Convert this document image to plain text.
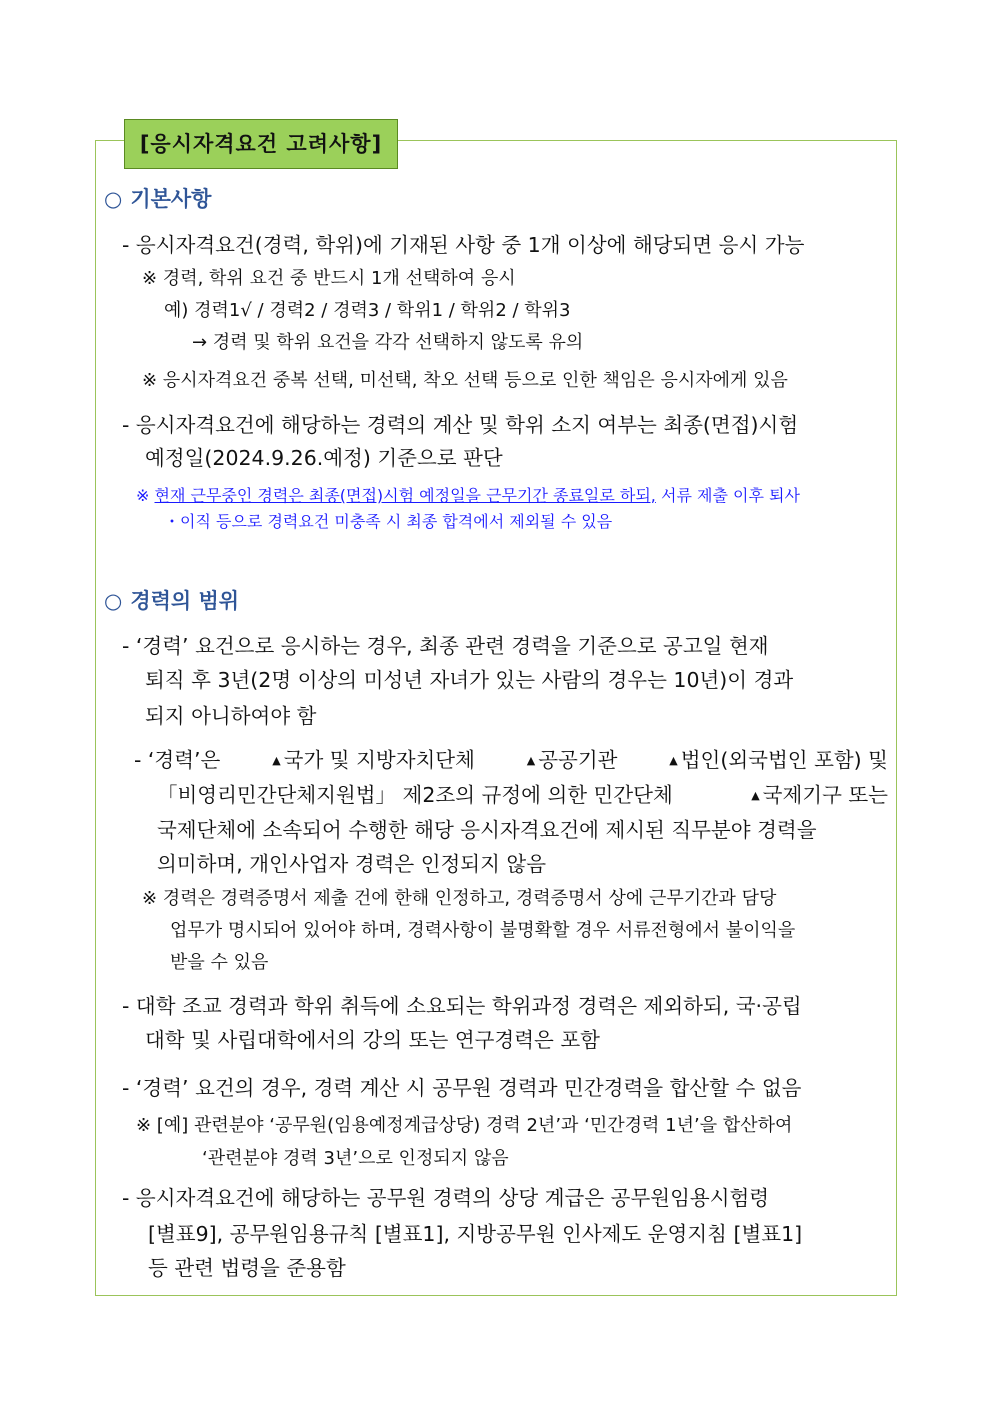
[응시자격요건 고려사항]
○ 기본사항
- 응시자격요건(경력, 학위)에 기재된 사항 중 1개 이상에 해당되면 응시 가능
※ 경력, 학위 요건 중 반드시 1개 선택하여 응시
예) 경력1√ / 경력2 / 경력3 / 학위1 / 학위2 / 학위3
→ 경력 및 학위 요건을 각각 선택하지 않도록 유의
※ 응시자격요건 중복 선택, 미선택, 착오 선택 등으로 인한 책임은 응시자에게 있음
- 응시자격요건에 해당하는 경력의 계산 및 학위 소지 여부는 최종(면접)시험
예정일(2024.9.26.예정) 기준으로 판단
※ 현재 근무중인 경력은 최종(면접)시험 예정일을 근무기간 종료일로 하되, 서류 제출 이후 퇴사
・이직 등으로 경력요건 미충족 시 최종 합격에서 제외될 수 있음
○ 경력의 범위
- ‘경력’ 요건으로 응시하는 경우, 최종 관련 경력을 기준으로 공고일 현재
퇴직 후 3년(2명 이상의 미성년 자녀가 있는 사람의 경우는 10년)이 경과
되지 아니하여야 함
- ‘경력’은	▲ 국가 및 지방자치단체	▲ 공공기관	▲ 법인(외국법인 포함) 및
「비영리민간단체지원법」 제2조의 규정에 의한 민간단체	▲ 국제기구 또는
국제단체에 소속되어 수행한 해당 응시자격요건에 제시된 직무분야 경력을
의미하며, 개인사업자 경력은 인정되지 않음
※ 경력은 경력증명서 제출 건에 한해 인정하고, 경력증명서 상에 근무기간과 담당
업무가 명시되어 있어야 하며, 경력사항이 불명확할 경우 서류전형에서 불이익을
받을 수 있음
- 대학 조교 경력과 학위 취득에 소요되는 학위과정 경력은 제외하되, 국·공립
대학 및 사립대학에서의 강의 또는 연구경력은 포함
- ‘경력’ 요건의 경우, 경력 계산 시 공무원 경력과 민간경력을 합산할 수 없음
※ [예] 관련분야 ‘공무원(임용예정계급상당) 경력 2년’과 ‘민간경력 1년’을 합산하여
‘관련분야 경력 3년’으로 인정되지 않음
- 응시자격요건에 해당하는 공무원 경력의 상당 계급은 공무원임용시험령
[별표9], 공무원임용규칙 [별표1], 지방공무원 인사제도 운영지침 [별표1]
등 관련 법령을 준용함
